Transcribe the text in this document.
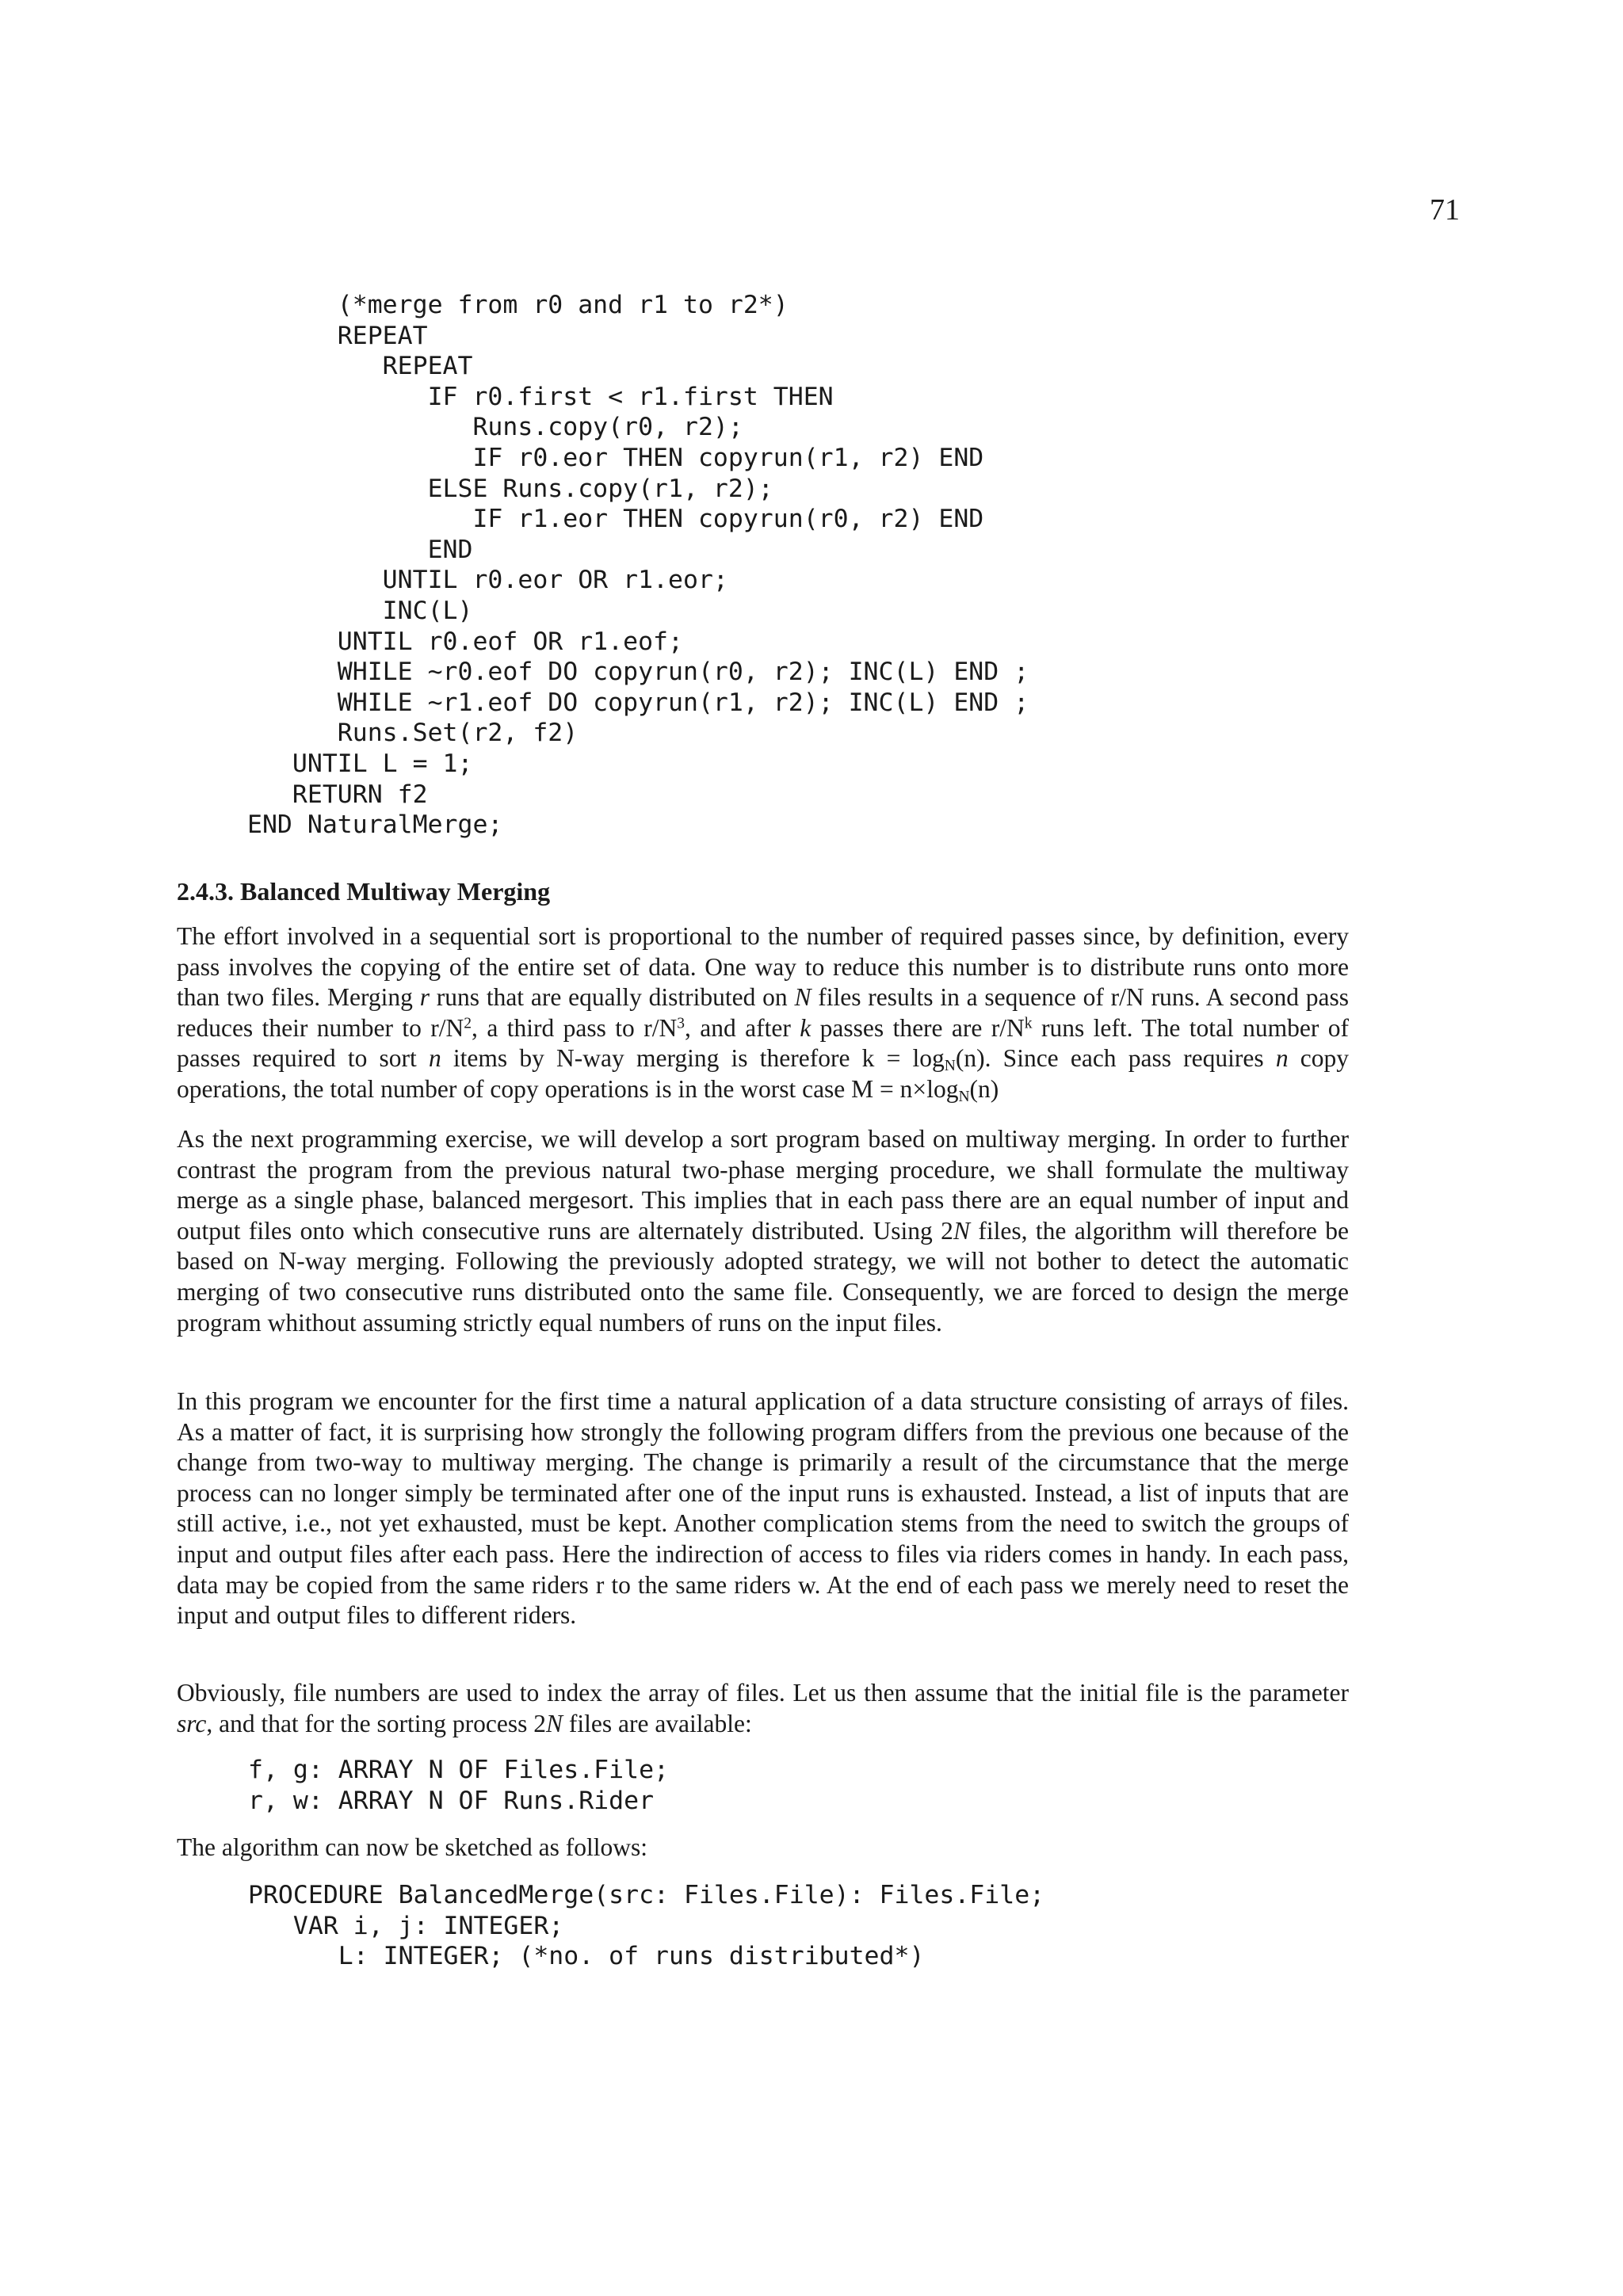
71
(*merge from r0 and r1 to r2*)
REPEAT
REPEAT
IF r0.first < r1.first THEN
Runs.copy(r0, r2);
IF r0.eor THEN copyrun(r1, r2) END
ELSE Runs.copy(r1, r2);
IF r1.eor THEN copyrun(r0, r2) END
END
UNTIL r0.eor OR r1.eor;
INC(L)
UNTIL r0.eof OR r1.eof;
WHILE ~r0.eof DO copyrun(r0, r2); INC(L) END ;
WHILE ~r1.eof DO copyrun(r1, r2); INC(L) END ;
Runs.Set(r2, f2)
UNTIL L = 1;
RETURN f2
END NaturalMerge;
2.4.3. Balanced Multiway Merging

The effort involved in a sequential sort is proportional to the number of required passes since, by definition, every pass involves the copying of the entire set of data. One way to reduce this number is to distribute runs onto more than two files. Merging r runs that are equally distributed on N files results in a sequence of r/N runs. A second pass reduces their number to $r/N^2$, a third pass to $r/N^3$, and after k passes there are $r/N^k$ runs left. The total number of passes required to sort n items by N-way merging is therefore $k = \log_N(n)$. Since each pass requires n copy operations, the total number of copy operations is in the worst case $M = n\times\log_N(n)$

As the next programming exercise, we will develop a sort program based on multiway merging. In order to further contrast the program from the previous natural two-phase merging procedure, we shall formulate the multiway merge as a single phase, balanced mergesort. This implies that in each pass there are an equal number of input and output files onto which consecutive runs are alternately distributed. Using 2N files, the algorithm will therefore be based on N-way merging. Following the previously adopted strategy, we will not bother to detect the automatic merging of two consecutive runs distributed onto the same file. Consequently, we are forced to design the merge program whithout assuming strictly equal numbers of runs on the input files.

In this program we encounter for the first time a natural application of a data structure consisting of arrays of files. As a matter of fact, it is surprising how strongly the following program differs from the previous one because of the change from two-way to multiway merging. The change is primarily a result of the circumstance that the merge process can no longer simply be terminated after one of the input runs is exhausted. Instead, a list of inputs that are still active, i.e., not yet exhausted, must be kept. Another complication stems from the need to switch the groups of input and output files after each pass. Here the indirection of access to files via riders comes in handy. In each pass, data may be copied from the same riders r to the same riders w. At the end of each pass we merely need to reset the input and output files to different riders.

Obviously, file numbers are used to index the array of files. Let us then assume that the initial file is the parameter src, and that for the sorting process 2N files are available:

f, g: ARRAY N OF Files.File;
r, w: ARRAY N OF Runs.Rider

The algorithm can now be sketched as follows:

PROCEDURE BalancedMerge(src: Files.File): Files.File;
VAR i, j: INTEGER;
L: INTEGER; (*no. of runs distributed*)
